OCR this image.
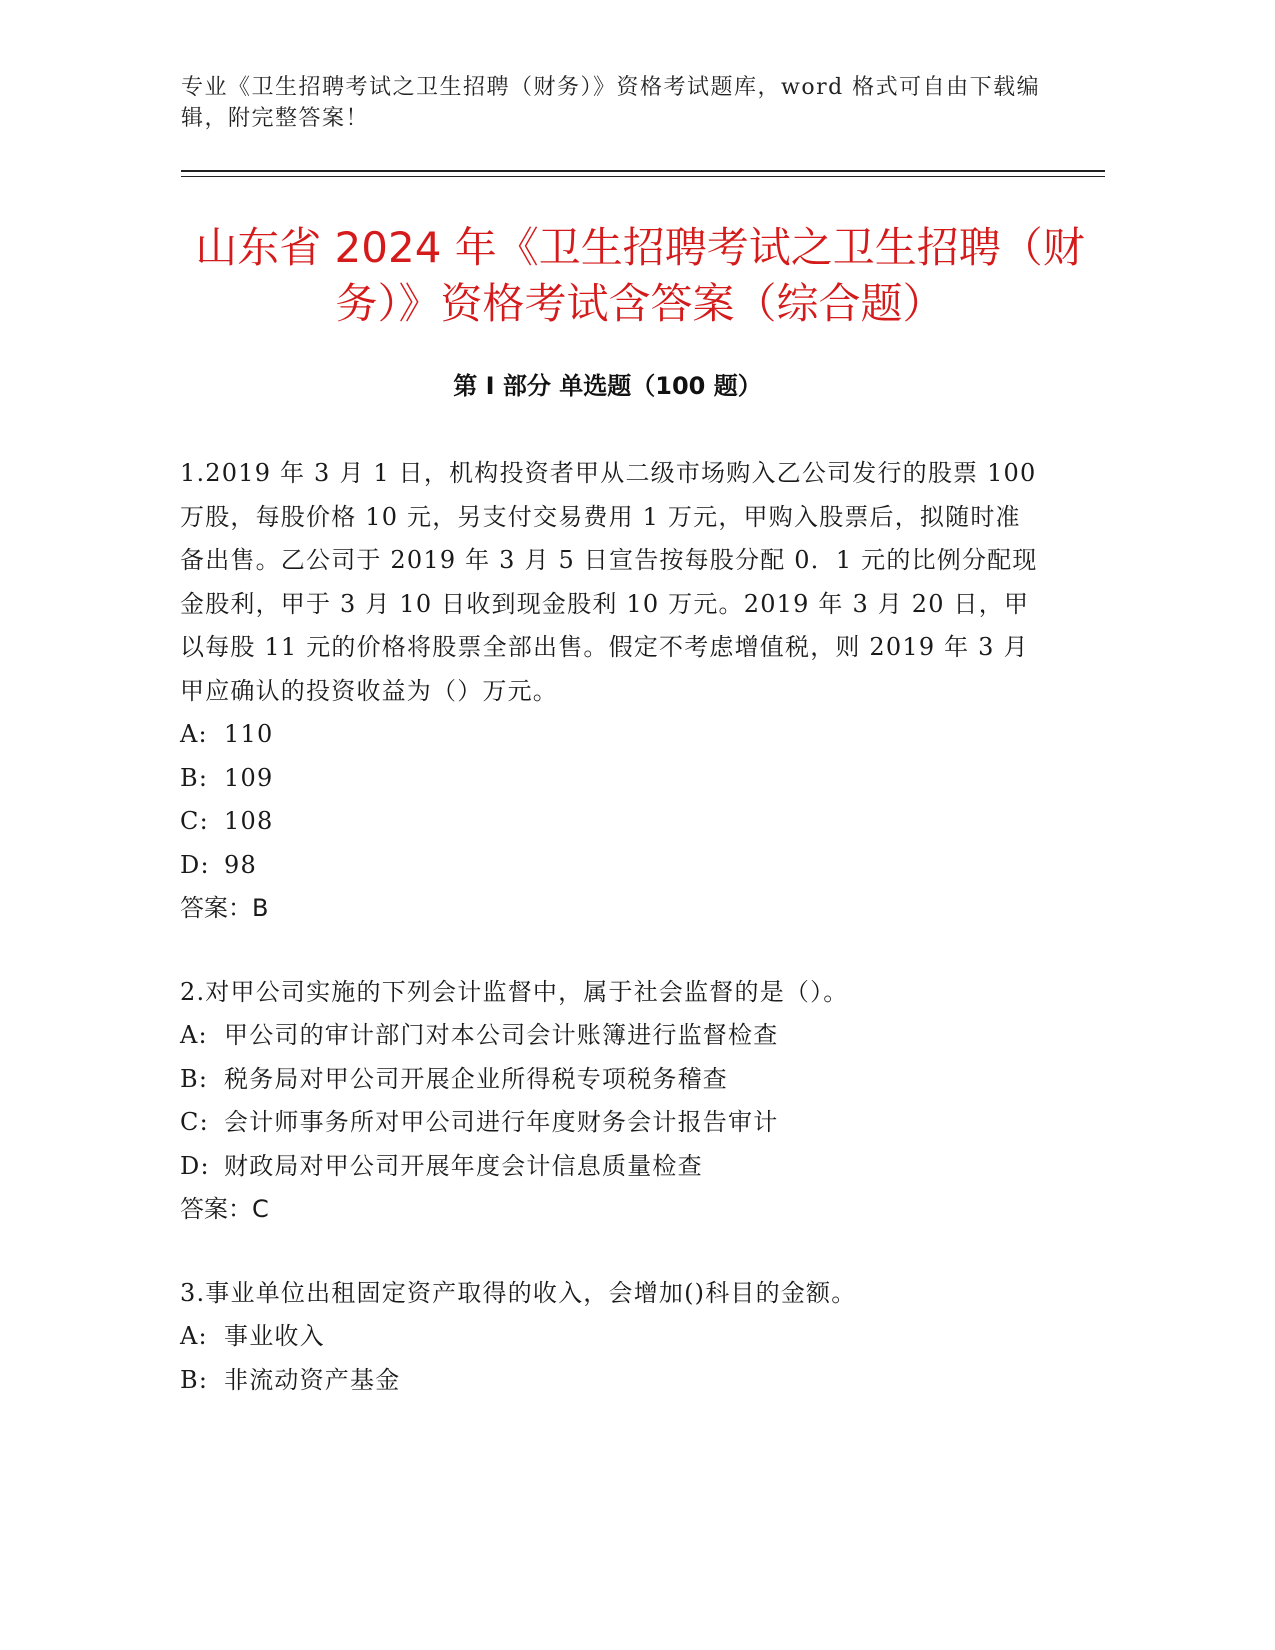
专业《卫生招聘考试之卫生招聘（财务）》资格考试题库，word 格式可自由下载编辑，附完整答案！
山东省 2024 年《卫生招聘考试之卫生招聘（财务）》资格考试含答案（综合题）
第 I 部分 单选题（100 题）

1.2019 年 3 月 1 日，机构投资者甲从二级市场购入乙公司发行的股票 100 万股，每股价格 10 元，另支付交易费用 1 万元，甲购入股票后，拟随时准备出售。乙公司于 2019 年 3 月 5 日宣告按每股分配 0．1 元的比例分配现金股利，甲于 3 月 10 日收到现金股利 10 万元。2019 年 3 月 20 日，甲以每股 11 元的价格将股票全部出售。假定不考虑增值税，则 2019 年 3 月甲应确认的投资收益为（）万元。

A: 110
B: 109
C: 108
D: 98

答案：B

2.对甲公司实施的下列会计监督中，属于社会监督的是（）。

A: 甲公司的审计部门对本公司会计账簿进行监督检查
B: 税务局对甲公司开展企业所得税专项税务稽查
C: 会计师事务所对甲公司进行年度财务会计报告审计
D: 财政局对甲公司开展年度会计信息质量检查

答案：C

3.事业单位出租固定资产取得的收入，会增加()科目的金额。

A: 事业收入
B: 非流动资产基金
